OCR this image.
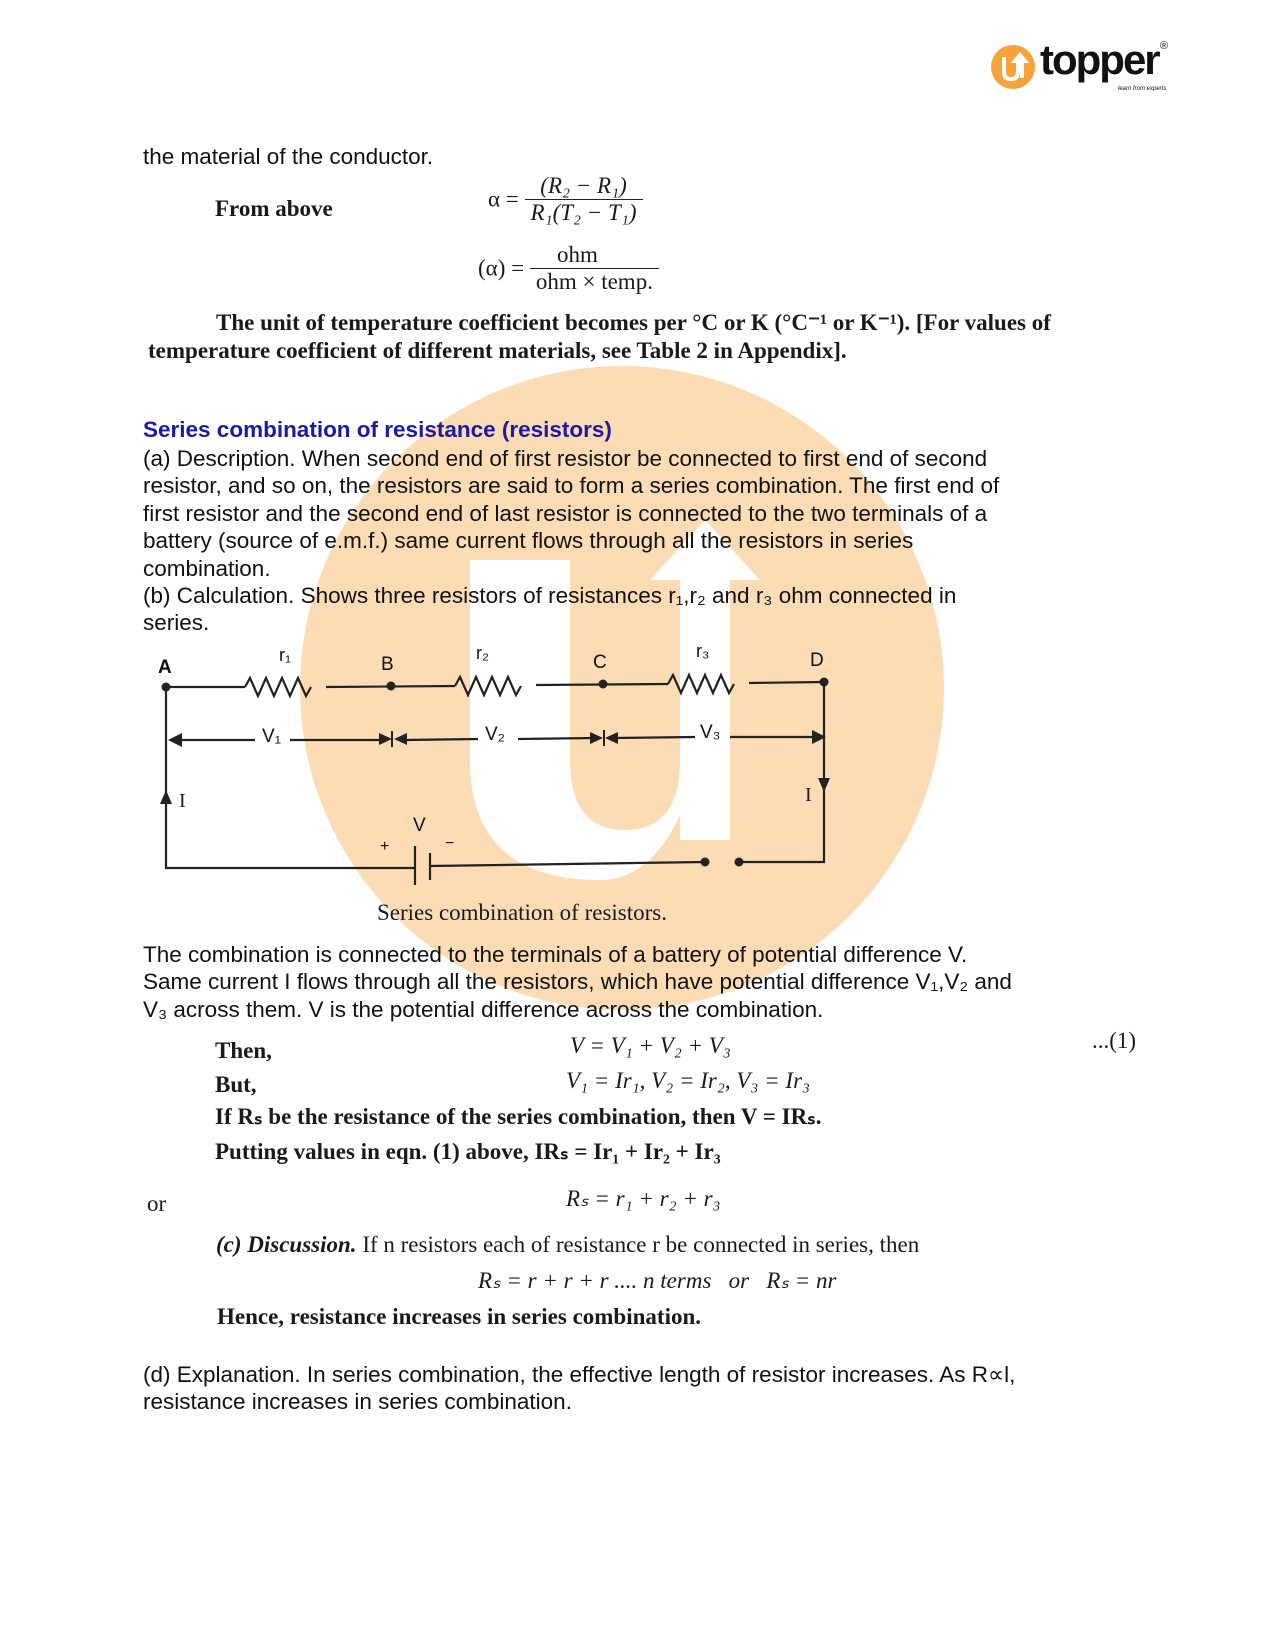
topper ®
learn from experts
the material of the conductor.
From above	$\alpha = \frac{\text{(R₂ − R₁)}}{\text{R₁(T₂ − T₁)}}$
$(\alpha) = \frac{\text{ohm}}{\text{ohm × temp.}}$
The unit of temperature coefficient becomes per °C or K (°C⁻¹ or K⁻¹). [For values of
temperature coefficient of different materials, see Table 2 in Appendix].
Series combination of resistance (resistors)
(a) Description. When second end of first resistor be connected to first end of second
resistor, and so on, the resistors are said to form a series combination. The first end of
first resistor and the second end of last resistor is connected to the two terminals of a
battery (source of e.m.f.) same current flows through all the resistors in series
combination.
(b) Calculation. Shows three resistors of resistances r₁,r₂ and r₃ ohm connected in
series.
A	B	C	D
r₁	r₂	r₃
V₁	V₂	V₃
I	I
V
+	−
Series combination of resistors.
The combination is connected to the terminals of a battery of potential difference V.
Same current I flows through all the resistors, which have potential difference V₁,V₂ and
V₃ across them. V is the potential difference across the combination.
Then,	V = V₁ + V₂ + V₃	...(1)
But,	V₁ = Ir₁, V₂ = Ir₂, V₃ = Ir₃
If Rₛ be the resistance of the series combination, then V = IRₛ.
Putting values in eqn. (1) above, IRₛ = Ir₁ + Ir₂ + Ir₃
or	Rₛ = r₁ + r₂ + r₃
(c) Discussion. If n resistors each of resistance r be connected in series, then
Rₛ = r + r + r .... n terms   or   Rₛ = nr
Hence, resistance increases in series combination.
(d) Explanation. In series combination, the effective length of resistor increases. As R∝l,
resistance increases in series combination.
